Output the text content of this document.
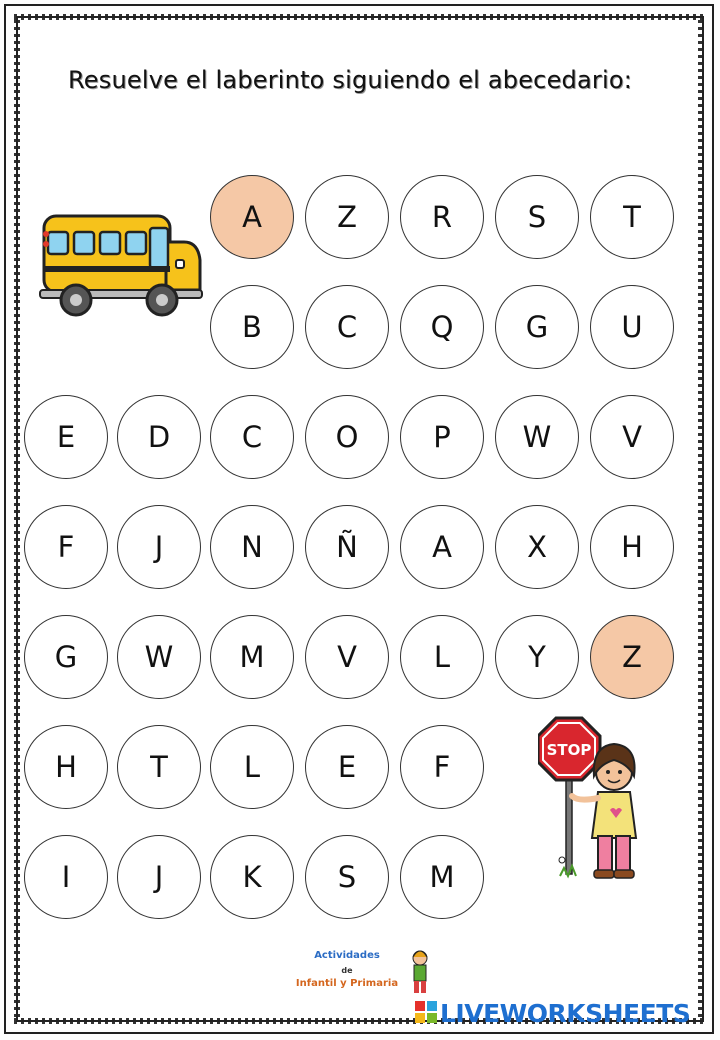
Resuelve el laberinto siguiendo el abecedario:
A	Z	R	S	T
B	C	Q	G	U
E	D	C	O	P	W	V
F	J	N	Ñ	A	X	H
G	W	M	V	L	Y	Z
H	T	L	E	F
I	J	K	S	M
STOP
Actividades
de
Infantil y Primaria
LIVEWORKSHEETS
